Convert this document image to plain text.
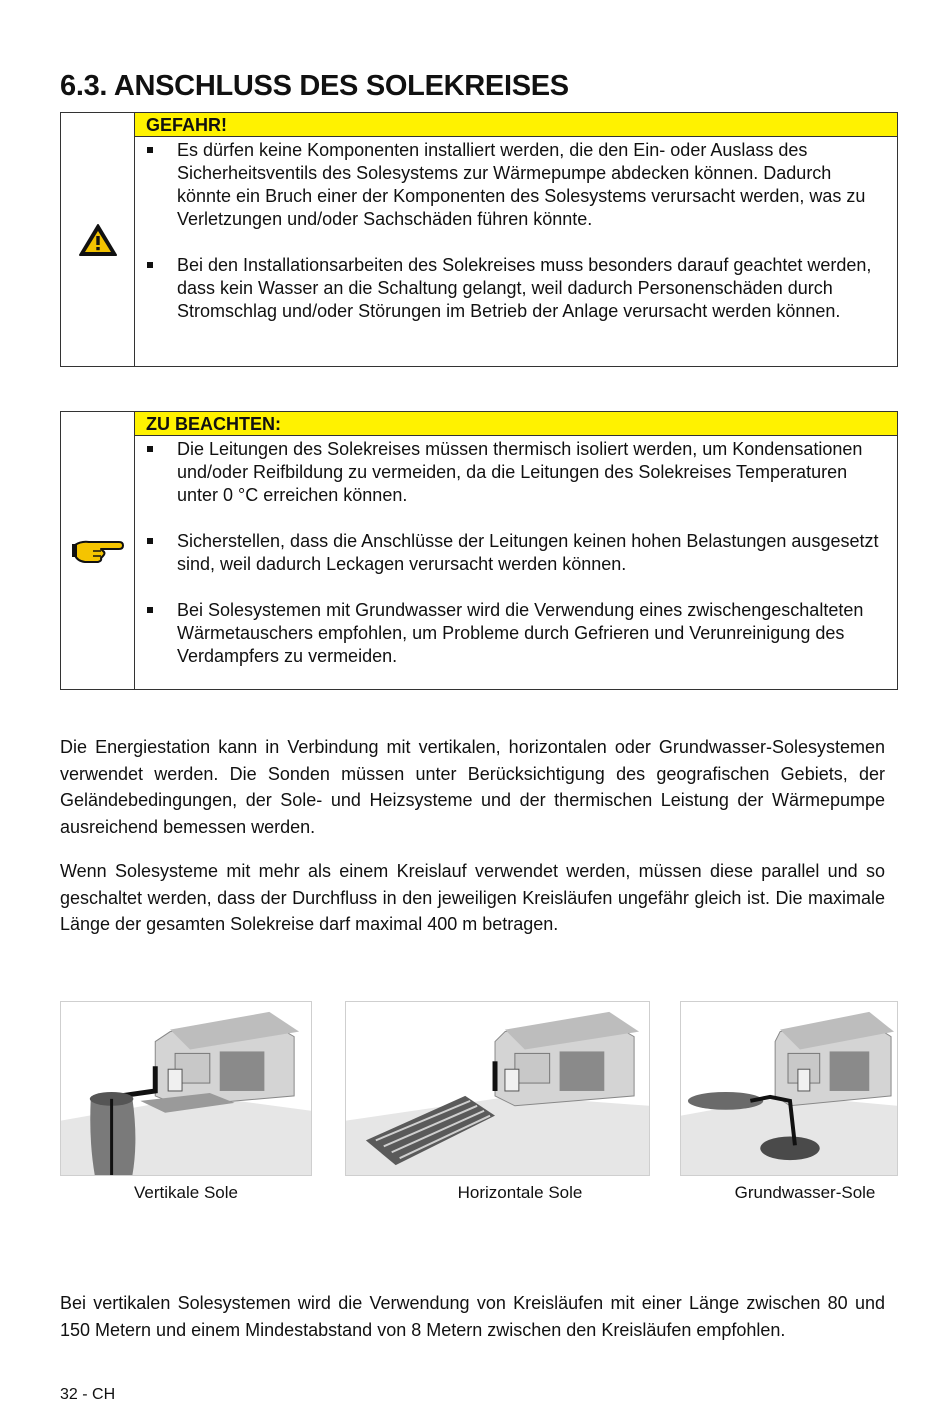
6.3. ANSCHLUSS DES SOLEKREISES
GEFAHR!
Es dürfen keine Komponenten installiert werden, die den Ein- oder Auslass des Sicherheitsventils des Solesystems zur Wärmepumpe abdecken können. Dadurch könnte ein Bruch einer der Komponenten des Solesystems verursacht werden, was zu Verletzungen und/oder Sachschäden führen könnte.
Bei den Installationsarbeiten des Solekreises muss besonders darauf geachtet werden, dass kein Wasser an die Schaltung gelangt, weil dadurch Personenschäden durch Stromschlag und/oder Störungen im Betrieb der Anlage verursacht werden können.
ZU BEACHTEN:
Die Leitungen des Solekreises müssen thermisch isoliert werden, um Kondensationen und/oder Reifbildung zu vermeiden, da die Leitungen des Solekreises Temperaturen unter 0 °C erreichen können.
Sicherstellen, dass die Anschlüsse der Leitungen keinen hohen Belastungen ausgesetzt sind, weil dadurch Leckagen verursacht werden können.
Bei Solesystemen mit Grundwasser wird die Verwendung eines zwischengeschalteten Wärmetauschers empfohlen, um Probleme durch Gefrieren und Verunreinigung des Verdampfers zu vermeiden.

Die Energiestation kann in Verbindung mit vertikalen, horizontalen oder Grundwasser-Solesystemen verwendet werden. Die Sonden müssen unter Berücksichtigung des geografischen Gebiets, der Geländebedingungen, der Sole- und Heizsysteme und der thermischen Leistung der Wärmepumpe ausreichend bemessen werden.

Wenn Solesysteme mit mehr als einem Kreislauf verwendet werden, müssen diese parallel und so geschaltet werden, dass der Durchfluss in den jeweiligen Kreisläufen ungefähr gleich ist. Die maximale Länge der gesamten Solekreise darf maximal 400 m betragen.

Vertikale Sole	Horizontale Sole	Grundwasser-Sole

Bei vertikalen Solesystemen wird die Verwendung von Kreisläufen mit einer Länge zwischen 80 und 150 Metern und einem Mindestabstand von 8 Metern zwischen den Kreisläufen empfohlen.

32 - CH
